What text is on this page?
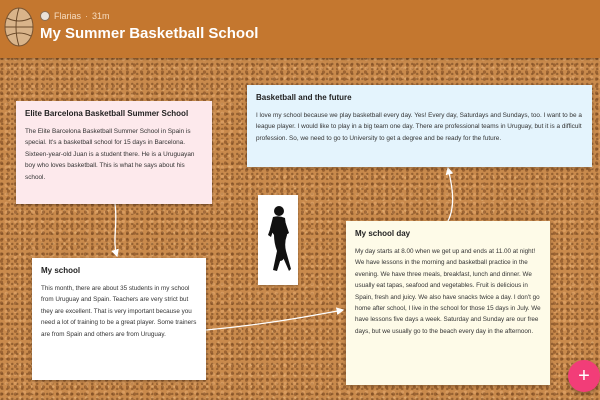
Flarias · 31m
My Summer Basketball School
Elite Barcelona Basketball Summer School

The Elite Barcelona Basketball Summer School in Spain is special. It's a basketball school for 15 days in Barcelona. Sixteen-year-old Juan is a student there. He is a Uruguayan boy who loves basketball. This is what he says about his school.

Basketball and the future

I love my school because we play basketball every day. Yes! Every day, Saturdays and Sundays, too. I want to be a league player. I would like to play in a big team one day. There are professional teams in Uruguay, but it is a difficult profession. So, we need to go to University to get a degree and be ready for the future.

My school

This month, there are about 35 students in my school from Uruguay and Spain. Teachers are very strict but they are excellent. That is very important because you need a lot of training to be a great player. Some trainers are from Spain and others are from Uruguay.

My school day

My day starts at 8.00 when we get up and ends at 11.00 at night! We have lessons in the morning and basketball practice in the evening. We have three meals, breakfast, lunch and dinner. We usually eat tapas, seafood and vegetables. Fruit is delicious in Spain, fresh and juicy. We also have snacks twice a day. I don't go home after school, I live in the school for those 15 days in July. We have lessons five days a week. Saturday and Sunday are our free days, but we usually go to the beach every day in the afternoon.

+
